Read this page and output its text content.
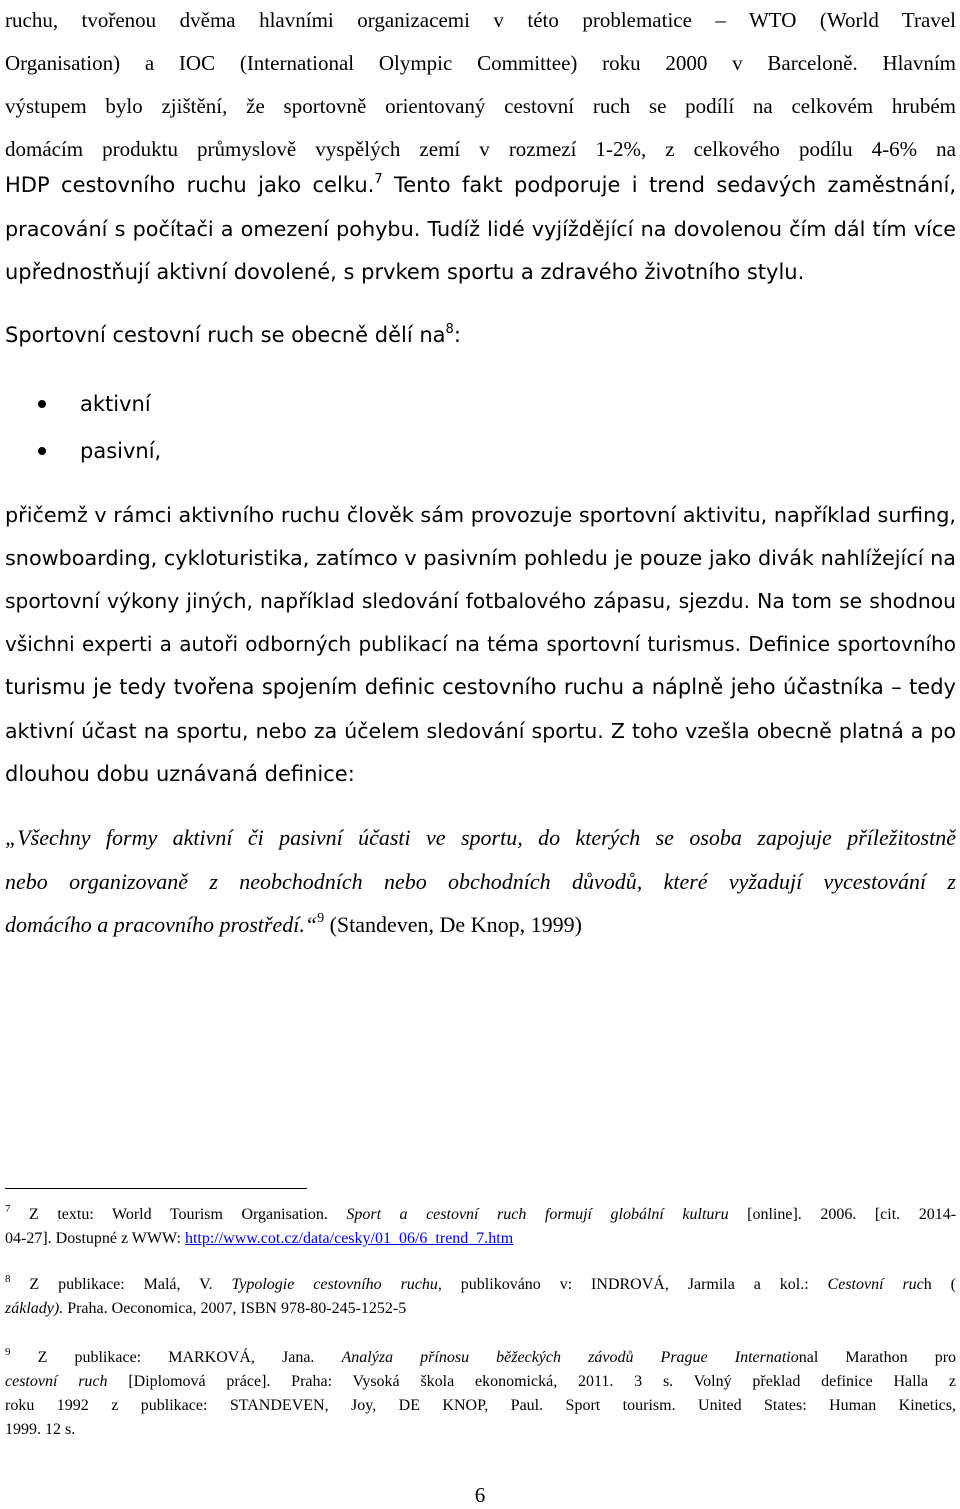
ruchu, tvořenou dvěma hlavními organizacemi v této problematice – WTO (World Travel
Organisation) a IOC (International Olympic Committee) roku 2000 v Barceloně. Hlavním
výstupem bylo zjištění, že sportovně orientovaný cestovní ruch se podílí na celkovém hrubém
domácím produktu průmyslově vyspělých zemí v rozmezí 1-2%, z celkového podílu 4-6% na
HDP cestovního ruchu jako celku.$^7$ Tento fakt podporuje i trend sedavých zaměstnání,
pracování s počítači a omezení pohybu. Tudíž lidé vyjíždějící na dovolenou čím dál tím více
upřednostňují aktivní dovolené, s prvkem sportu a zdravého životního stylu.
Sportovní cestovní ruch se obecně dělí $na^8$:
aktivní
pasivní,
přičemž v rámci aktivního ruchu člověk sám provozuje sportovní aktivitu, například surfing,
snowboarding, cykloturistika, zatímco v pasivním pohledu je pouze jako divák nahlížející na
sportovní výkony jiných, například sledování fotbalového zápasu, sjezdu. Na tom se shodnou
všichni experti a autoři odborných publikací na téma sportovní turismus. Definice sportovního
turismu je tedy tvořena spojením definic cestovního ruchu a náplně jeho účastníka – tedy
aktivní účast na sportu, nebo za účelem sledování sportu. Z toho vzešla obecně platná a po
dlouhou dobu uznávaná definice:
„Všechny formy aktivní či pasivní účasti ve sportu, do kterých se osoba zapojuje příležitostně
nebo organizovaně z neobchodních nebo obchodních důvodů, které vyžadují vycestování z
domácího a pracovního prostředí.“$^9$ (Standeven, De Knop, 1999)
$^7$ Z textu: World Tourism Organisation. Sport a cestovní ruch formují globální kulturu [online]. 2006. [cit. 2014-
04-27]. Dostupné z WWW: http://www.cot.cz/data/cesky/01_06/6_trend_7.htm
$^8$ Z publikace: Malá, V. Typologie cestovního ruchu, publikováno v: INDROVÁ, Jarmila a kol.: Cestovní ruch (
základy). Praha. Oeconomica, 2007, ISBN 978-80-245-1252-5
$^9$ Z publikace: MARKOVÁ, Jana. Analýza přínosu běžeckých závodů Prague International Marathon pro
cestovní ruch [Diplomová práce]. Praha: Vysoká škola ekonomická, 2011. 3 s. Volný překlad definice Halla z
roku 1992 z publikace: STANDEVEN, Joy, DE KNOP, Paul. Sport tourism. United States: Human Kinetics,
1999. 12 s.
6
